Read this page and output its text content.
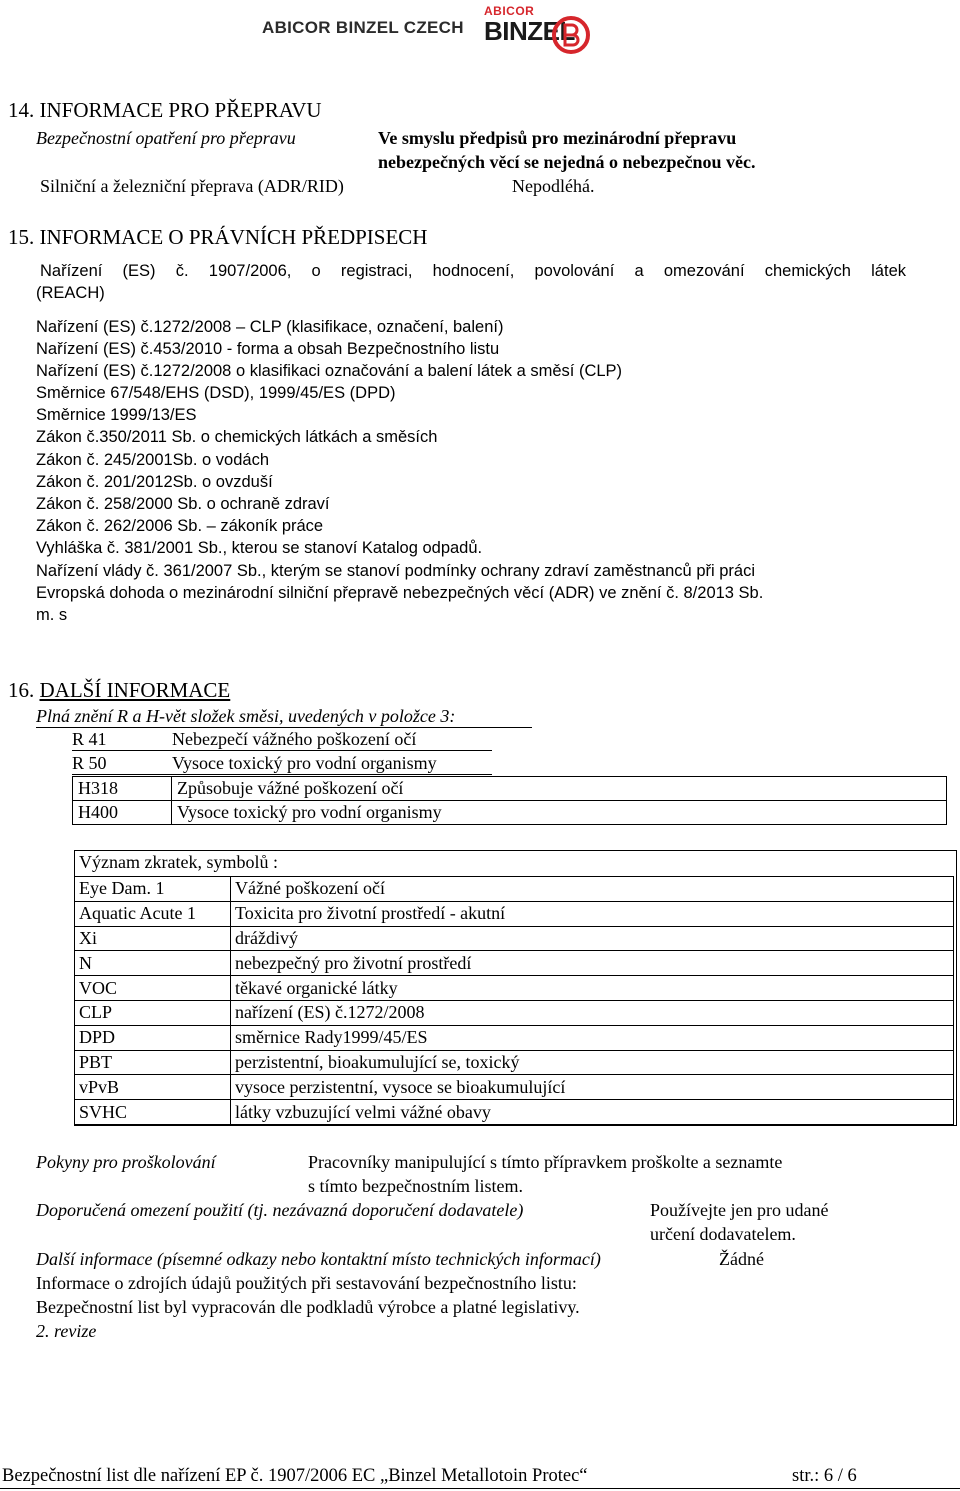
ABICOR BINZEL CZECH
ABICOR
BINZEL
14. INFORMACE PRO PŘEPRAVU
Bezpečnostní opatření pro přepravu	Ve smyslu předpisů pro mezinárodní přepravu
nebezpečných věcí se nejedná o nebezpečnou věc.
Silniční a železniční přeprava (ADR/RID)	Nepodléhá.
15. INFORMACE O PRÁVNÍCH PŘEDPISECH
Nařízení (ES) č. 1907/2006, o registraci, hodnocení, povolování a omezování chemických látek
(REACH)
Nařízení (ES) č.1272/2008 – CLP (klasifikace, označení, balení)
Nařízení (ES) č.453/2010 - forma a obsah Bezpečnostního listu
Nařízení (ES) č.1272/2008 o klasifikaci označování a balení látek a směsí (CLP)
Směrnice 67/548/EHS (DSD), 1999/45/ES (DPD)
Směrnice 1999/13/ES
Zákon č.350/2011 Sb. o chemických látkách a směsích
Zákon č. 245/2001Sb. o vodách
Zákon č. 201/2012Sb. o ovzduší
Zákon č. 258/2000 Sb. o ochraně zdraví
Zákon č. 262/2006 Sb. – zákoník práce
Vyhláška č. 381/2001 Sb., kterou se stanoví Katalog odpadů.
Nařízení vlády č. 361/2007 Sb., kterým se stanoví podmínky ochrany zdraví zaměstnanců při práci
Evropská dohoda o mezinárodní silniční přepravě nebezpečných věcí (ADR) ve znění č. 8/2013 Sb.
m. s
16. DALŠÍ INFORMACE
Plná znění R a H-vět složek směsi, uvedených v položce 3:
R 41	Nebezpečí vážného poškození očí
R 50	Vysoce toxický pro vodní organismy
H318	Způsobuje vážné poškození očí
H400	Vysoce toxický pro vodní organismy
Význam zkratek, symbolů :
Eye Dam. 1	Vážné poškození očí
Aquatic Acute 1	Toxicita pro životní prostředí - akutní
Xi	dráždivý
N	nebezpečný pro životní prostředí
VOC	těkavé organické látky
CLP	nařízení (ES) č.1272/2008
DPD	směrnice Rady1999/45/ES
PBT	perzistentní, bioakumulující se, toxický
vPvB	vysoce perzistentní, vysoce se bioakumulující
SVHC	látky vzbuzující velmi vážné obavy
Pokyny pro proškolování	Pracovníky manipulující s tímto přípravkem proškolte a seznamte
s tímto bezpečnostním listem.
Doporučená omezení použití (tj. nezávazná doporučení dodavatele)	Používejte jen pro udané
určení dodavatelem.
Další informace (písemné odkazy nebo kontaktní místo technických informací)	Žádné
Informace o zdrojích údajů použitých při sestavování bezpečnostního listu:
Bezpečnostní list byl vypracován dle podkladů výrobce a platné legislativy.
2. revize
Bezpečnostní list dle nařízení EP č. 1907/2006 EC „Binzel Metallotoin Protec“	str.: 6 / 6
